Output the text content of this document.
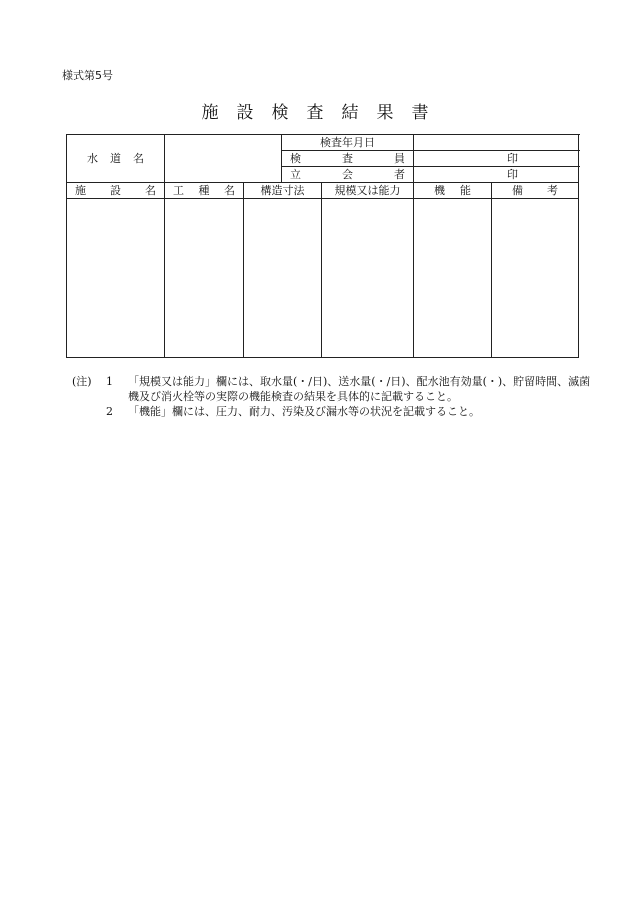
様式第5号
施設検査結果書
水道名			検査年月日			
			検査員		印	
			立会者		印	
施設名	工種名	構造寸法		規模又は能力	機能	備考

(注)	1	「規模又は能力」欄には、取水量(・/日)、送水量(・/日)、配水池有効量(・)、貯留時間、滅菌機及び消火栓等の実際の機能検査の結果を具体的に記載すること。
2	「機能」欄には、圧力、耐力、汚染及び漏水等の状況を記載すること。
